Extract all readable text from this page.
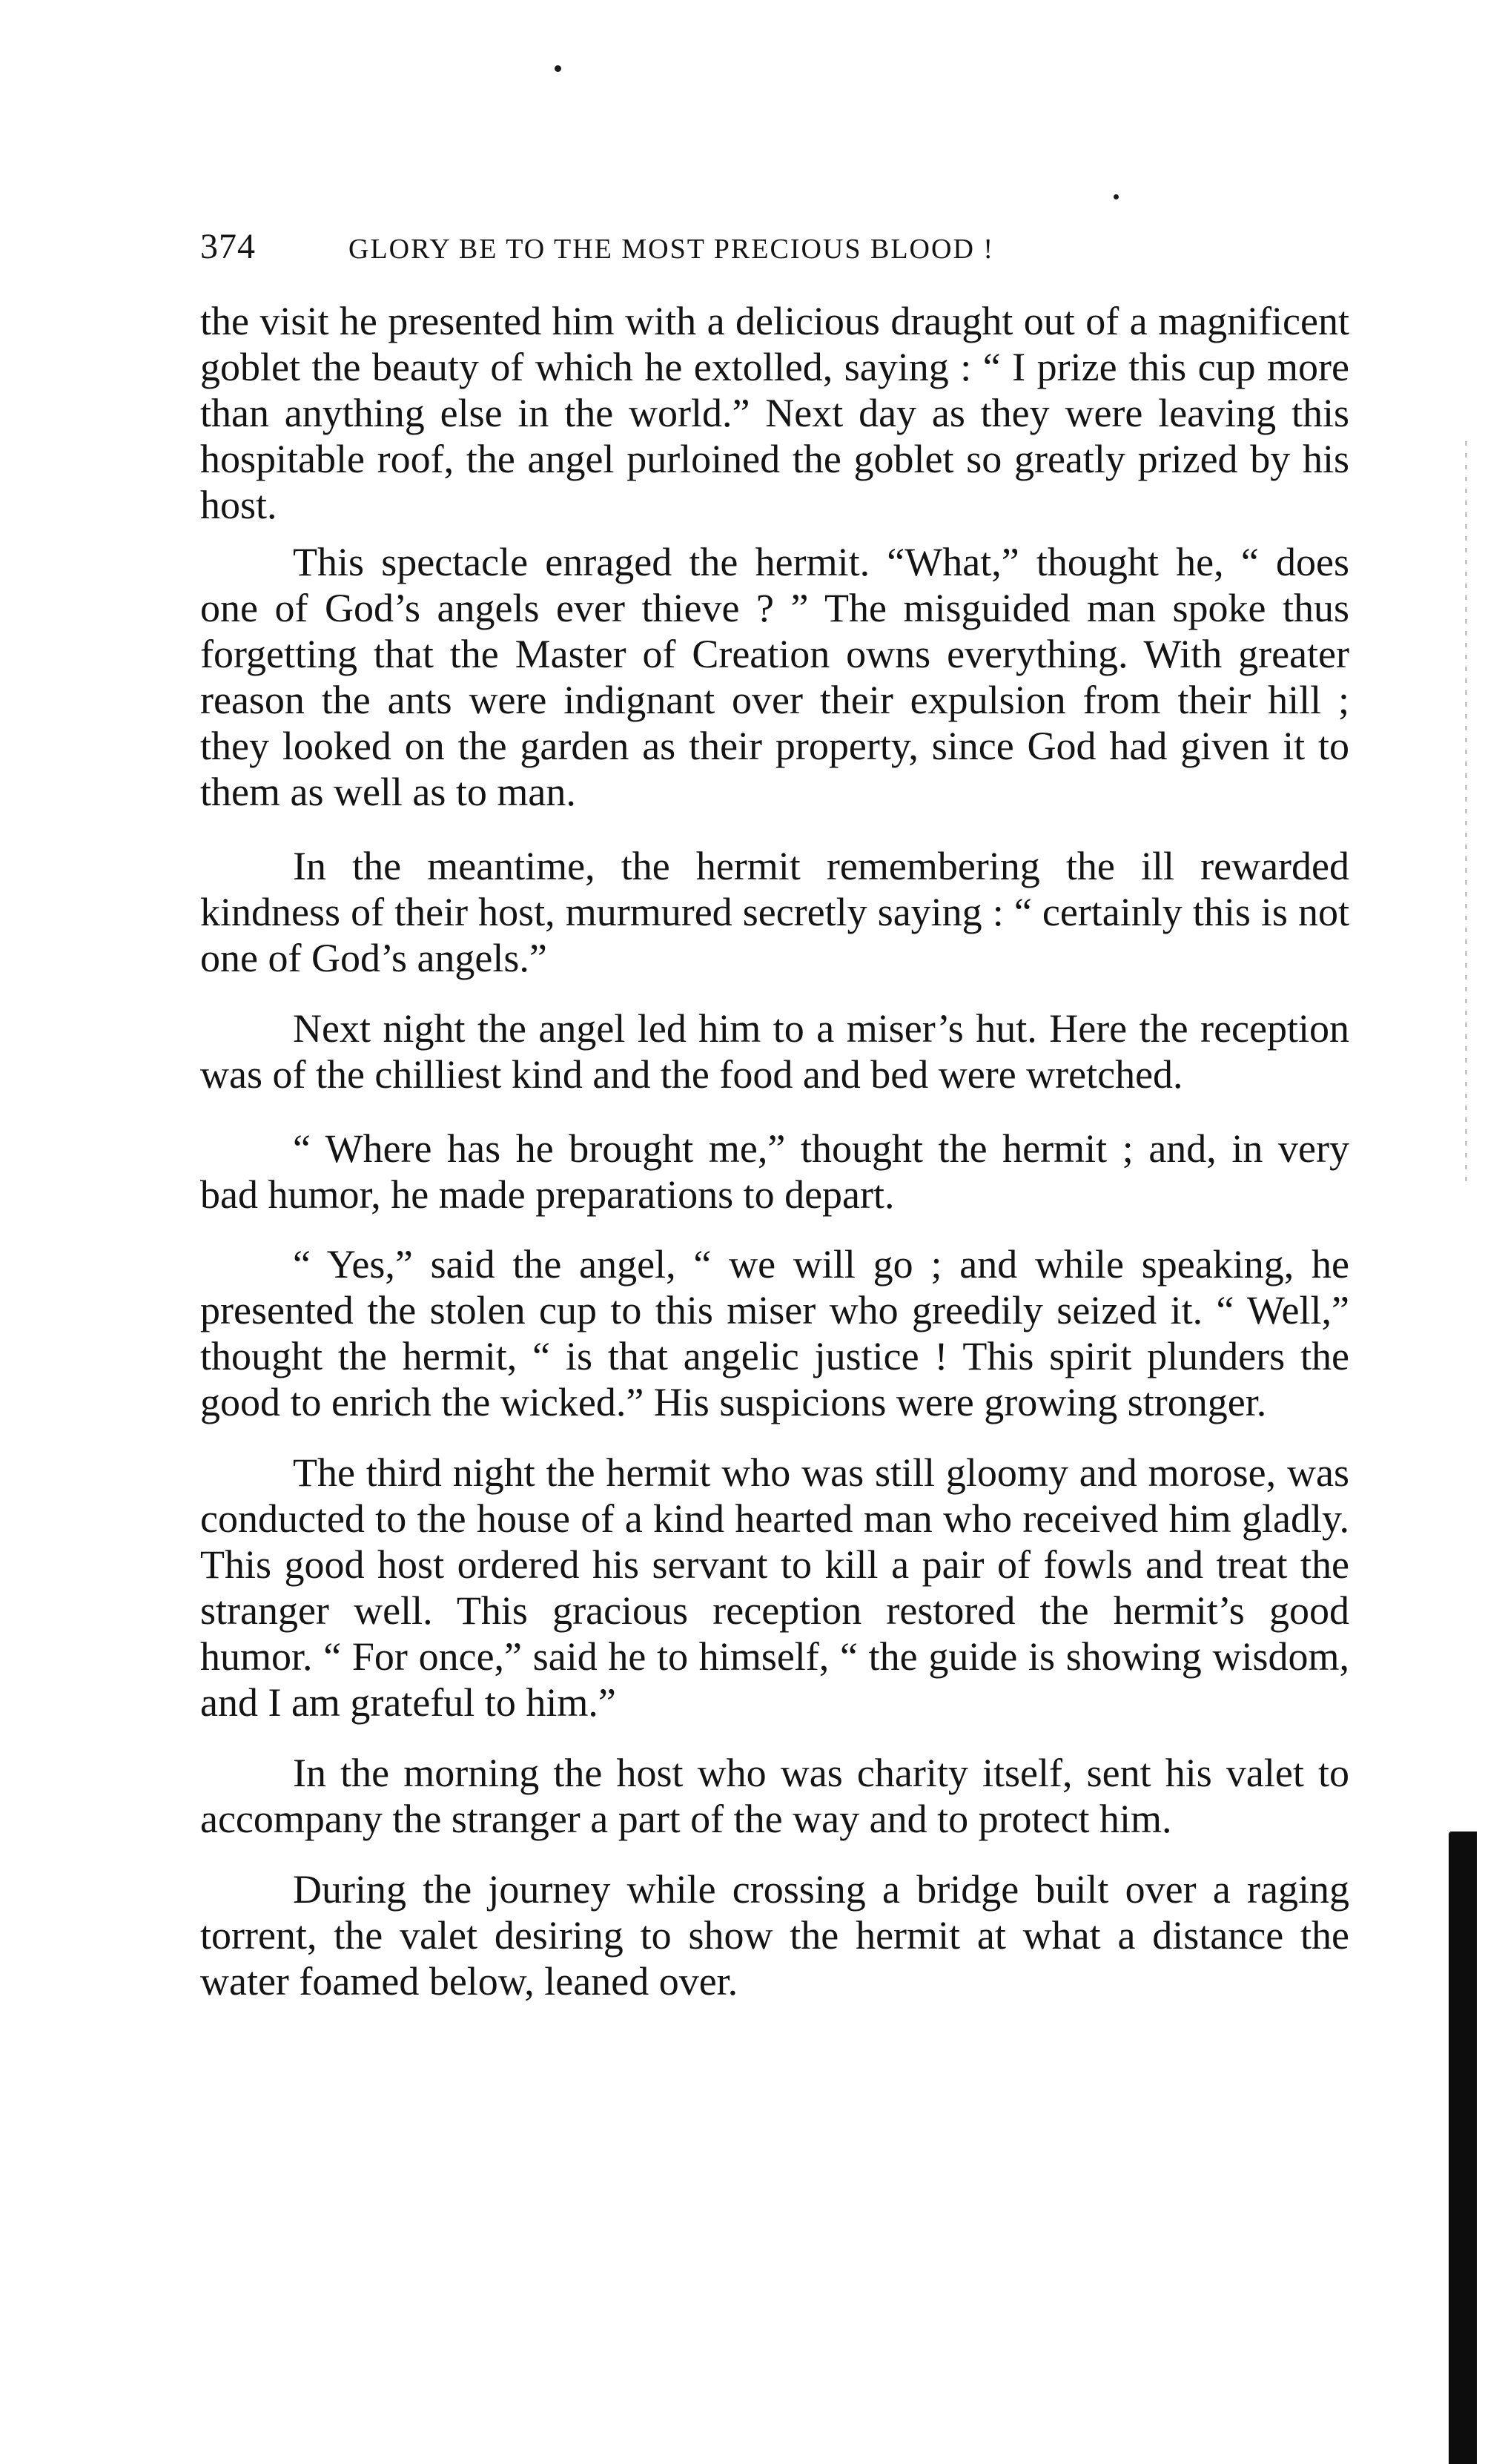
374	GLORY BE TO THE MOST PRECIOUS BLOOD !

the visit he presented him with a delicious draught out of a magnificent goblet the beauty of which he extolled, saying : “ I prize this cup more than anything else in the world.” Next day as they were leaving this hospitable roof, the angel purloined the goblet so greatly prized by his host.

This spectacle enraged the hermit. “What,” thought he, “ does one of God’s angels ever thieve ? ” The misguided man spoke thus forgetting that the Master of Creation owns everything. With greater reason the ants were indignant over their expulsion from their hill ; they looked on the garden as their property, since God had given it to them as well as to man.

In the meantime, the hermit remembering the ill rewarded kindness of their host, murmured secretly saying : “ certainly this is not one of God’s angels.”

Next night the angel led him to a miser’s hut. Here the reception was of the chilliest kind and the food and bed were wretched.

“ Where has he brought me,” thought the hermit ; and, in very bad humor, he made preparations to depart.

“ Yes,” said the angel, “ we will go ; and while speaking, he presented the stolen cup to this miser who greedily seized it. “ Well,” thought the hermit, “ is that angelic justice ! This spirit plunders the good to enrich the wicked.” His suspicions were growing stronger.

The third night the hermit who was still gloomy and morose, was conducted to the house of a kind hearted man who received him gladly. This good host ordered his servant to kill a pair of fowls and treat the stranger well. This gracious reception restored the hermit’s good humor. “ For once,” said he to himself, “ the guide is showing wisdom, and I am grateful to him.”

In the morning the host who was charity itself, sent his valet to accompany the stranger a part of the way and to protect him.

During the journey while crossing a bridge built over a raging torrent, the valet desiring to show the hermit at what a distance the water foamed below, leaned over.
